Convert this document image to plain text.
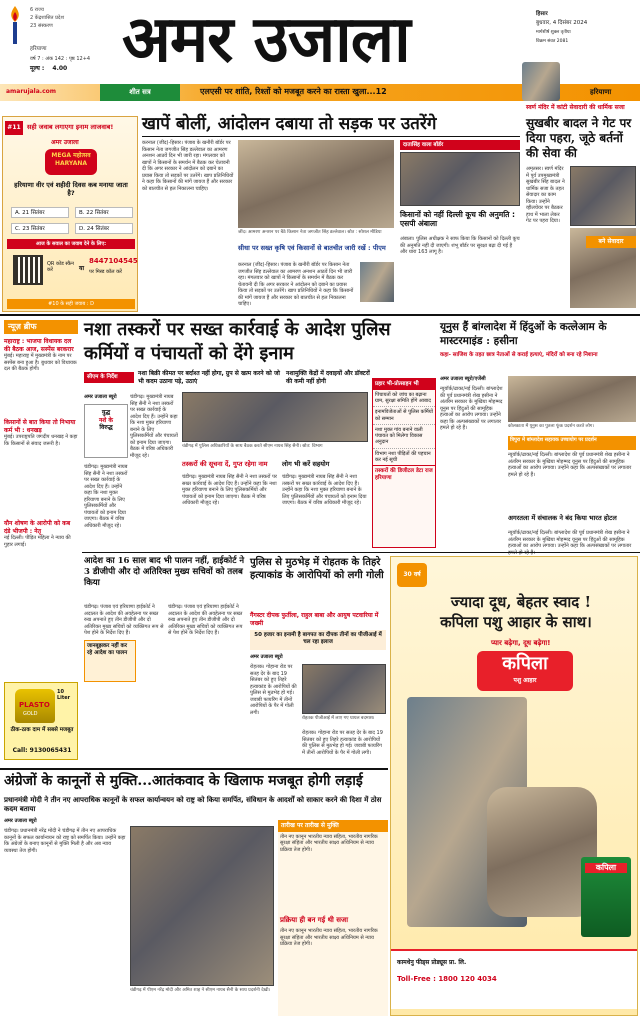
6 राज्य
2 केंद्रशासित प्रदेश
23 संस्करण
हरियाणा
वर्ष 7 : अंक 142 : पृष्ठ 12+4
मूल्य : 4.00 अमर उजाला	हिसार
बुधवार, 4 दिसंबर 2024
मार्गशीर्ष शुक्ल तृतीया
विक्रम संवत 2081
amarujala.com	शीत सत्र	एलएसी पर शांति, रिश्तों को मजबूत करने का रास्ता खुला...12	हरियाणा
#11 सही जवाब लगाएगा इनाम लाजवाब!
अमर उजाला
MEGA महोत्सव HARYANA
हरियाणा वीर एवं शहीदी दिवस कब मनाया जाता है?
A. 21 सितंबर	B. 22 सितंबर
C. 23 सितंबर	D. 24 सितंबर
आज के सवाल का जवाब देने के लिए:
QR कोड स्कैन करें	या
8447104545
पर मिस्ड कॉल करें
#10 के सही जवाब : D
खापें बोलीं, आंदोलन दबाया तो सड़क पर उतरेंगे
करनाल (जींद)-हिसार। पंजाब के खनौरी बॉर्डर पर किसान नेता जगजीत सिंह डल्लेवाल का आमरण अनशन आठवें दिन भी जारी रहा। मंगलवार को खापों ने किसानों के समर्थन में बैठक कर चेतावनी दी कि अगर सरकार ने आंदोलन को दबाने का प्रयास किया तो सड़कों पर उतरेंगे। खाप प्रतिनिधियों ने कहा कि किसानों की मांगें जायज हैं और सरकार को बातचीत से हल निकालना चाहिए।
जींद। आमरण अनशन पर बैठे किसान नेता जगजीत सिंह डल्लेवाल। स्रोत : सोशल मीडिया
सीधा पर सख्त कृषि एवं किसानों से बातचीत जारी रखें : पीएम
करनाल (जींद)-हिसार। पंजाब के खनौरी बॉर्डर पर किसान नेता जगजीत सिंह डल्लेवाल का आमरण अनशन आठवें दिन भी जारी रहा। मंगलवार को खापों ने किसानों के समर्थन में बैठक कर चेतावनी दी कि अगर सरकार ने आंदोलन को दबाने का प्रयास किया तो सड़कों पर उतरेंगे। खाप प्रतिनिधियों ने कहा कि किसानों की मांगें जायज हैं और सरकार को बातचीत से हल निकालना चाहिए।
दातासिंह वाला बॉर्डर
किसानों को नहीं दिल्ली कूच की अनुमति : एसपी अंबाला
अंबाला। पुलिस अधीक्षक ने साफ किया कि किसानों को दिल्ली कूच की अनुमति नहीं दी जाएगी। शंभू बॉर्डर पर सुरक्षा बढ़ा दी गई है और धारा 163 लागू है।
स्वर्ण मंदिर में कांटी सेवादारी की धार्मिक सजा
सुखबीर बादल ने गेट पर दिया पहरा, जूठे बर्तनों की सेवा की
अमृतसर। स्वर्ण मंदिर में पूर्व उपमुख्यमंत्री सुखबीर सिंह बादल ने धार्मिक सजा के तहत सेवादार का काम किया। उन्होंने व्हीलचेयर पर बैठकर हाथ में भाला लेकर गेट पर पहरा दिया।
बने सेवादार
न्यूज़ ब्रीफ
महाराष्ट्र : भाजपा विधायक दल की बैठक आज, सस्पेंस बरकरार
मुंबई। महाराष्ट्र में मुख्यमंत्री के नाम पर सस्पेंस बना हुआ है। बुधवार को विधायक दल की बैठक होगी।
किसानों से बात किया तो निभाया कर्म भी : धनखड़
मुंबई। उपराष्ट्रपति जगदीप धनखड़ ने कहा कि किसानों से संवाद जरूरी है।
यौन शोषण के आरोपी को कब दंडे भीजपी : नेतृ
नई दिल्ली। पीड़ित महिला ने न्याय की गुहार लगाई।
10 Liter
PLASTO
GOLD
ठीक-ठाक दाम में सबसे मजबूत
Call: 9130065431
नशा तस्करों पर सख्त कार्रवाई के आदेश पुलिस कर्मियों व पंचायतों को देंगे इनाम
सीएम के निर्देश	नशा बिक्री कीमत पर बर्दाश्त नहीं होगा, ग्रुप से खत्म करने को जो भी कदम उठाना पड़े, उठाएं
नशामुक्ति केंद्रों में दवाइयों और डॉक्टरों की कमी नहीं होगी
अमर उजाला ब्यूरो
युद्ध
नशे के
विरुद्ध
चंडीगढ़। मुख्यमंत्री नायब सिंह सैनी ने नशा तस्करों पर सख्त कार्रवाई के आदेश दिए हैं। उन्होंने कहा कि नशा मुक्त हरियाणा बनाने के लिए पुलिसकर्मियों और पंचायतों को इनाम दिया जाएगा। बैठक में वरिष्ठ अधिकारी मौजूद रहे।
चंडीगढ़ में पुलिस अधिकारियों के साथ बैठक करते सीएम नायब सिंह सैनी। स्रोत: विभाग
तस्करों की सूचना दें, गुप्त रहेगा नाम	लोग भी करें सहयोग
चंडीगढ़। मुख्यमंत्री नायब सिंह सैनी ने नशा तस्करों पर सख्त कार्रवाई के आदेश दिए हैं। उन्होंने कहा कि नशा मुक्त हरियाणा बनाने के लिए पुलिसकर्मियों और पंचायतों को इनाम दिया जाएगा। बैठक में वरिष्ठ अधिकारी मौजूद रहे।
चंडीगढ़। मुख्यमंत्री नायब सिंह सैनी ने नशा तस्करों पर सख्त कार्रवाई के आदेश दिए हैं। उन्होंने कहा कि नशा मुक्त हरियाणा बनाने के लिए पुलिसकर्मियों और पंचायतों को इनाम दिया जाएगा। बैठक में वरिष्ठ अधिकारी मौजूद रहे।
चंडीगढ़। मुख्यमंत्री नायब सिंह सैनी ने नशा तस्करों पर सख्त कार्रवाई के आदेश दिए हैं। उन्होंने कहा कि नशा मुक्त हरियाणा बनाने के लिए पुलिसकर्मियों और पंचायतों को इनाम दिया जाएगा। बैठक में वरिष्ठ अधिकारी मौजूद रहे।
प्रहार भी-प्रोत्साहन भी
पिंचायतों को जांच का बढ़ाना ग्राम, सुरक्षा समिति होंगे आबाद
इनामविजेताओं से पुलिस कर्मियों को सम्मान
नशा मुक्त गांव बनाने वाली पंचायत को मिलेगा विकास अनुदान
विभाग नशा पीड़ितों की पहचान कर नई सूची
तस्करों की डिजीटल डेटा राज हरियाणा
यूनुस हैं बांग्लादेश में हिंदुओं के कत्लेआम के मास्टरमाइंड : हसीना
कहा- साजिश के तहत छात्र नेताओं से कराई हत्याएं, मंदिरों को बना रहे निशाना
अमर उजाला ब्यूरो/एजेंसी
न्यूयॉर्क/ढाका/नई दिल्ली। बांग्लादेश की पूर्व प्रधानमंत्री शेख हसीना ने अंतरिम सरकार के मुखिया मोहम्मद यूनुस पर हिंदुओं की सामूहिक हत्याओं का आरोप लगाया। उन्होंने कहा कि अल्पसंख्यकों पर लगातार हमले हो रहे हैं।	कोलकाता में यूनुस का पुतला फूंक प्रदर्शन करते लोग।
त्रिपुरा में बांग्लादेश सहायक उच्चायोग पर प्रदर्शन
न्यूयॉर्क/ढाका/नई दिल्ली। बांग्लादेश की पूर्व प्रधानमंत्री शेख हसीना ने अंतरिम सरकार के मुखिया मोहम्मद यूनुस पर हिंदुओं की सामूहिक हत्याओं का आरोप लगाया। उन्होंने कहा कि अल्पसंख्यकों पर लगातार हमले हो रहे हैं।
अगरतला में संचालक ने बंद किया भारत होटल
न्यूयॉर्क/ढाका/नई दिल्ली। बांग्लादेश की पूर्व प्रधानमंत्री शेख हसीना ने अंतरिम सरकार के मुखिया मोहम्मद यूनुस पर हिंदुओं की सामूहिक हत्याओं का आरोप लगाया। उन्होंने कहा कि अल्पसंख्यकों पर लगातार
आदेश का 16 साल बाद भी पालन नहीं, हाईकोर्ट ने 3 डीजीपी और दो अतिरिक्त मुख्य सचिवों को तलब किया
चंडीगढ़। पंजाब एवं हरियाणा हाईकोर्ट ने अदालत के आदेश की अवहेलना पर सख्त रुख अपनाते हुए तीन डीजीपी और दो अतिरिक्त मुख्य सचिवों को व्यक्तिगत रूप से पेश होने के निर्देश दिए हैं।
जानबूझकर नहीं कर रहे आदेश का पालन
चंडीगढ़। पंजाब एवं हरियाणा हाईकोर्ट ने अदालत के आदेश की अवहेलना पर सख्त रुख अपनाते हुए तीन डीजीपी और दो अतिरिक्त मुख्य सचिवों को व्यक्तिगत रूप से पेश होने के निर्देश दिए हैं।
पुलिस से मुठभेड़ में रोहतक के तिहरे हत्याकांड के आरोपियों को लगी गोली
गैंगस्टर दीपक फुर्तीला, राहुल बाबा और आयुष पटवारिया में जख्मी
50 हजार का इनामी है बागपत का दीपक तीनों का पीजीआई में चल रहा इलाज
अमर उजाला ब्यूरो
रोहतक। गोहाना रोड पर सतह देर के बाद 19 सितंबर को हुए तिहरे हत्याकांड के आरोपियों की पुलिस से मुठभेड़ हो गई। जवाबी फायरिंग में तीनों आरोपियों के पैर में गोली लगी।
रोहतक पीजीआई में लाए गए घायल बदमाश।
रोहतक। गोहाना रोड पर सतह देर के बाद 19 सितंबर को हुए तिहरे हत्याकांड के आरोपियों की पुलिस से मुठभेड़ हो गई। जवाबी फायरिंग में तीनों आरोपियों के पैर में गोली लगी।
30 वर्ष
ज्यादा दूध, बेहतर स्वाद !
कपिला पशु आहार के साथ।
प्यार बढ़ेगा, दूध बढ़ेगा!
कपिला
पशु आहार
कपिला
कामधेनु फीड्स प्रोड्यूस प्रा. लि.
Toll-Free : 1800 120 4034
अंग्रेजों के कानूनों से मुक्ति...आतंकवाद के खिलाफ मजबूत होगी लड़ाई
प्रधानमंत्री मोदी ने तीन नए आपराधिक कानूनों के सफल कार्यान्वयन को राष्ट्र को किया समर्पित, संविधान के आदर्शों को साकार करने की दिशा में ठोस कदम बताया
अमर उजाला ब्यूरो
चंडीगढ़। प्रधानमंत्री नरेंद्र मोदी ने चंडीगढ़ में तीन नए आपराधिक कानूनों के सफल कार्यान्वयन को राष्ट्र को समर्पित किया। उन्होंने कहा कि अंग्रेजों के बनाए कानूनों से मुक्ति मिली है और अब न्याय व्यवस्था तेज होगी।
चंडीगढ़ में पीएम नरेंद्र मोदी और अमित शाह ने सीएम नायब सैनी के साथ प्रदर्शनी देखी।
तारीख पर तारीख से मुक्ति
तीन नए कानून भारतीय न्याय संहिता, भारतीय नागरिक सुरक्षा संहिता और भारतीय साक्ष्य अधिनियम से न्याय प्रक्रिया तेज होगी।
प्रक्रिया ही बन गई थी सजा
तीन नए कानून भारतीय न्याय संहिता, भारतीय नागरिक सुरक्षा संहिता और भारतीय साक्ष्य अधिनियम से न्याय प्रक्रिया तेज होगी।
